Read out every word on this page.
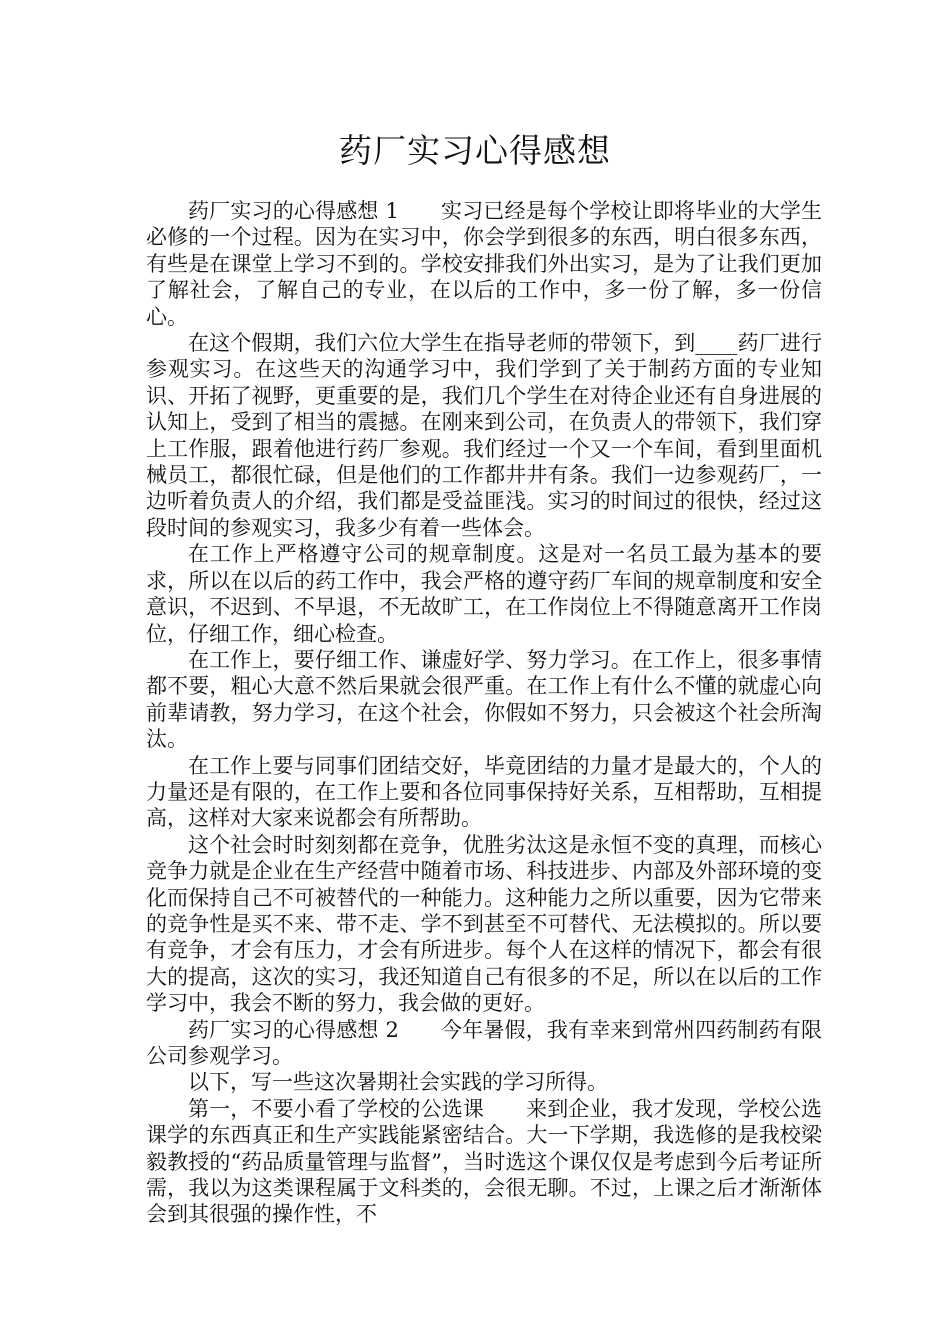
药厂实习心得感想

药厂实习的心得感想 1 实习已经是每个学校让即将毕业的大学生必修的一个过程。因为在实习中，你会学到很多的东西，明白很多东西，有些是在课堂上学习不到的。学校安排我们外出实习，是为了让我们更加了解社会，了解自己的专业，在以后的工作中，多一份了解，多一份信心。

在这个假期，我们六位大学生在指导老师的带领下，到____药厂进行参观实习。在这些天的沟通学习中，我们学到了关于制药方面的专业知识、开拓了视野，更重要的是，我们几个学生在对待企业还有自身进展的认知上，受到了相当的震撼。在刚来到公司，在负责人的带领下，我们穿上工作服，跟着他进行药厂参观。我们经过一个又一个车间，看到里面机械员工，都很忙碌，但是他们的工作都井井有条。我们一边参观药厂，一边听着负责人的介绍，我们都是受益匪浅。实习的时间过的很快，经过这段时间的参观实习，我多少有着一些体会。

在工作上严格遵守公司的规章制度。这是对一名员工最为基本的要求，所以在以后的药工作中，我会严格的遵守药厂车间的规章制度和安全意识，不迟到、不早退，不无故旷工，在工作岗位上不得随意离开工作岗位，仔细工作，细心检查。

在工作上，要仔细工作、谦虚好学、努力学习。在工作上，很多事情都不要，粗心大意不然后果就会很严重。在工作上有什么不懂的就虚心向前辈请教，努力学习，在这个社会，你假如不努力，只会被这个社会所淘汰。

在工作上要与同事们团结交好，毕竟团结的力量才是最大的，个人的力量还是有限的，在工作上要和各位同事保持好关系，互相帮助，互相提高，这样对大家来说都会有所帮助。

这个社会时时刻刻都在竞争，优胜劣汰这是永恒不变的真理，而核心竞争力就是企业在生产经营中随着市场、科技进步、内部及外部环境的变化而保持自己不可被替代的一种能力。这种能力之所以重要，因为它带来的竞争性是买不来、带不走、学不到甚至不可替代、无法模拟的。所以要有竞争，才会有压力，才会有所进步。每个人在这样的情况下，都会有很大的提高，这次的实习，我还知道自己有很多的不足，所以在以后的工作学习中，我会不断的努力，我会做的更好。

药厂实习的心得感想 2 今年暑假，我有幸来到常州四药制药有限公司参观学习。

以下，写一些这次暑期社会实践的学习所得。

第一，不要小看了学校的公选课 来到企业，我才发现，学校公选课学的东西真正和生产实践能紧密结合。大一下学期，我选修的是我校梁毅教授的“药品质量管理与监督”，当时选这个课仅仅是考虑到今后考证所需，我以为这类课程属于文科类的，会很无聊。不过，上课之后才渐渐体会到其很强的操作性，不
